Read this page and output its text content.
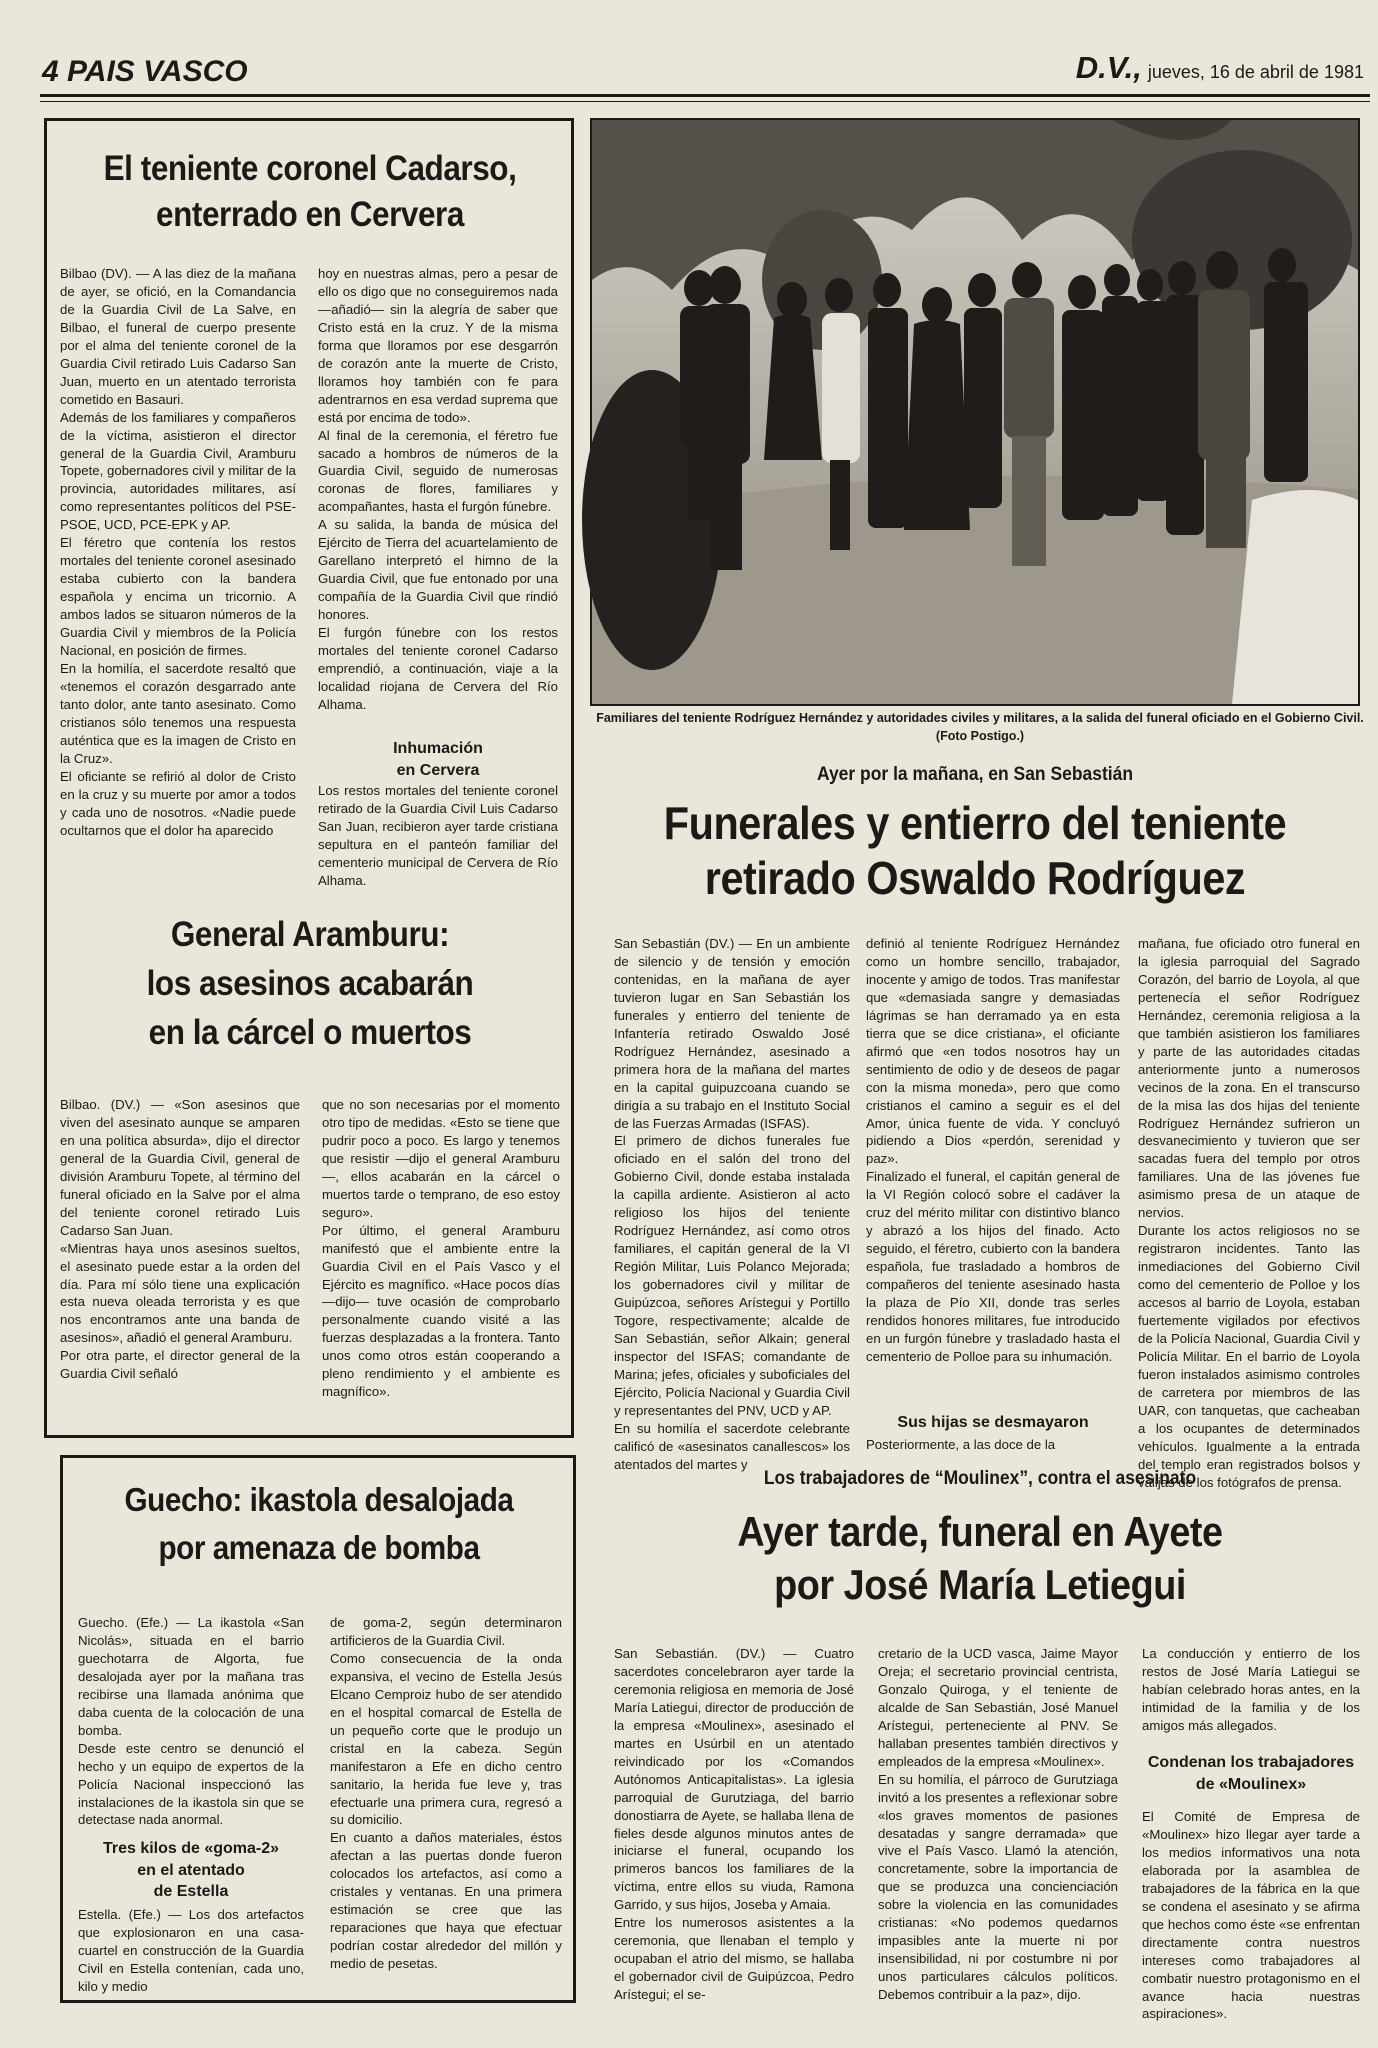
4 PAIS VASCO	D.V., jueves, 16 de abril de 1981
El teniente coronel Cadarso,
enterrado en Cervera

Bilbao (DV). — A las diez de la mañana de ayer, se ofició, en la Comandancia de la Guardia Civil de La Salve, en Bilbao, el funeral de cuerpo presente por el alma del teniente coronel de la Guardia Civil retirado Luis Cadarso San Juan, muerto en un atentado terrorista cometido en Basauri.
Además de los familiares y compañeros de la víctima, asistieron el director general de la Guardia Civil, Aramburu Topete, gobernadores civil y militar de la provincia, autoridades militares, así como representantes políticos del PSE-PSOE, UCD, PCE-EPK y AP.
El féretro que contenía los restos mortales del teniente coronel asesinado estaba cubierto con la bandera española y encima un tricornio. A ambos lados se situaron números de la Guardia Civil y miembros de la Policía Nacional, en posición de firmes.
En la homilía, el sacerdote resaltó que «tenemos el corazón desgarrado ante tanto dolor, ante tanto asesinato. Como cristianos sólo tenemos una respuesta auténtica que es la imagen de Cristo en la Cruz».
El oficiante se refirió al dolor de Cristo en la cruz y su muerte por amor a todos y cada uno de nosotros. «Nadie puede ocultarnos que el dolor ha aparecido

hoy en nuestras almas, pero a pesar de ello os digo que no conseguiremos nada —añadió— sin la alegría de saber que Cristo está en la cruz. Y de la misma forma que lloramos por ese desgarrón de corazón ante la muerte de Cristo, lloramos hoy también con fe para adentrarnos en esa verdad suprema que está por encima de todo».
Al final de la ceremonia, el féretro fue sacado a hombros de números de la Guardia Civil, seguido de numerosas coronas de flores, familiares y acompañantes, hasta el furgón fúnebre.
A su salida, la banda de música del Ejército de Tierra del acuartelamiento de Garellano interpretó el himno de la Guardia Civil, que fue entonado por una compañía de la Guardia Civil que rindió honores.
El furgón fúnebre con los restos mortales del teniente coronel Cadarso emprendió, a continuación, viaje a la localidad riojana de Cervera del Río Alhama.

Inhumación
en Cervera

Los restos mortales del teniente coronel retirado de la Guardia Civil Luis Cadarso San Juan, recibieron ayer tarde cristiana sepultura en el panteón familiar del cementerio municipal de Cervera de Río Alhama.

General Aramburu:
los asesinos acabarán
en la cárcel o muertos

Bilbao. (DV.) — «Son asesinos que viven del asesinato aunque se amparen en una política absurda», dijo el director general de la Guardia Civil, general de división Aramburu Topete, al término del funeral oficiado en la Salve por el alma del teniente coronel retirado Luis Cadarso San Juan.
«Mientras haya unos asesinos sueltos, el asesinato puede estar a la orden del día. Para mí sólo tiene una explicación esta nueva oleada terrorista y es que nos encontramos ante una banda de asesinos», añadió el general Aramburu.
Por otra parte, el director general de la Guardia Civil señaló

que no son necesarias por el momento otro tipo de medidas. «Esto se tiene que pudrir poco a poco. Es largo y tenemos que resistir —dijo el general Aramburu—, ellos acabarán en la cárcel o muertos tarde o temprano, de eso estoy seguro».
Por último, el general Aramburu manifestó que el ambiente entre la Guardia Civil en el País Vasco y el Ejército es magnífico. «Hace pocos días —dijo— tuve ocasión de comprobarlo personalmente cuando visité a las fuerzas desplazadas a la frontera. Tanto unos como otros están cooperando a pleno rendimiento y el ambiente es magnífico».

Guecho: ikastola desalojada
por amenaza de bomba

Guecho. (Efe.) — La ikastola «San Nicolás», situada en el barrio guechotarra de Algorta, fue desalojada ayer por la mañana tras recibirse una llamada anónima que daba cuenta de la colocación de una bomba.
Desde este centro se denunció el hecho y un equipo de expertos de la Policía Nacional inspeccionó las instalaciones de la ikastola sin que se detectase nada anormal.

Tres kilos de «goma-2»
en el atentado
de Estella

Estella. (Efe.) — Los dos artefactos que explosionaron en una casa-cuartel en construcción de la Guardia Civil en Estella contenían, cada uno, kilo y medio

de goma-2, según determinaron artificieros de la Guardia Civil.
Como consecuencia de la onda expansiva, el vecino de Estella Jesús Elcano Cemproiz hubo de ser atendido en el hospital comarcal de Estella de un pequeño corte que le produjo un cristal en la cabeza. Según manifestaron a Efe en dicho centro sanitario, la herida fue leve y, tras efectuarle una primera cura, regresó a su domicilio.
En cuanto a daños materiales, éstos afectan a las puertas donde fueron colocados los artefactos, así como a cristales y ventanas. En una primera estimación se cree que las reparaciones que haya que efectuar podrían costar alrededor del millón y medio de pesetas.

Familiares del teniente Rodríguez Hernández y autoridades civiles y militares, a la salida del funeral oficiado en el Gobierno Civil. (Foto Postigo.)
Ayer por la mañana, en San Sebastián
Funerales y entierro del teniente
retirado Oswaldo Rodríguez

San Sebastián (DV.) — En un ambiente de silencio y de tensión y emoción contenidas, en la mañana de ayer tuvieron lugar en San Sebastián los funerales y entierro del teniente de Infantería retirado Oswaldo José Rodríguez Hernández, asesinado a primera hora de la mañana del martes en la capital guipuzcoana cuando se dirigía a su trabajo en el Instituto Social de las Fuerzas Armadas (ISFAS).
El primero de dichos funerales fue oficiado en el salón del trono del Gobierno Civil, donde estaba instalada la capilla ardiente. Asistieron al acto religioso los hijos del teniente Rodríguez Hernández, así como otros familiares, el capitán general de la VI Región Militar, Luis Polanco Mejorada; los gobernadores civil y militar de Guipúzcoa, señores Arístegui y Portillo Togore, respectivamente; alcalde de San Sebastián, señor Alkain; general inspector del ISFAS; comandante de Marina; jefes, oficiales y suboficiales del Ejército, Policía Nacional y Guardia Civil y representantes del PNV, UCD y AP.
En su homilía el sacerdote celebrante calificó de «asesinatos canallescos» los atentados del martes y

definió al teniente Rodríguez Hernández como un hombre sencillo, trabajador, inocente y amigo de todos. Tras manifestar que «demasiada sangre y demasiadas lágrimas se han derramado ya en esta tierra que se dice cristiana», el oficiante afirmó que «en todos nosotros hay un sentimiento de odio y de deseos de pagar con la misma moneda», pero que como cristianos el camino a seguir es el del Amor, única fuente de vida. Y concluyó pidiendo a Dios «perdón, serenidad y paz».
Finalizado el funeral, el capitán general de la VI Región colocó sobre el cadáver la cruz del mérito militar con distintivo blanco y abrazó a los hijos del finado. Acto seguido, el féretro, cubierto con la bandera española, fue trasladado a hombros de compañeros del teniente asesinado hasta la plaza de Pío XII, donde tras serles rendidos honores militares, fue introducido en un furgón fúnebre y trasladado hasta el cementerio de Polloe para su inhumación.

Sus hijas se desmayaron

Posteriormente, a las doce de la

mañana, fue oficiado otro funeral en la iglesia parroquial del Sagrado Corazón, del barrio de Loyola, al que pertenecía el señor Rodríguez Hernández, ceremonia religiosa a la que también asistieron los familiares y parte de las autoridades citadas anteriormente junto a numerosos vecinos de la zona. En el transcurso de la misa las dos hijas del teniente Rodríguez Hernández sufrieron un desvanecimiento y tuvieron que ser sacadas fuera del templo por otros familiares. Una de las jóvenes fue asimismo presa de un ataque de nervios.
Durante los actos religiosos no se registraron incidentes. Tanto las inmediaciones del Gobierno Civil como del cementerio de Polloe y los accesos al barrio de Loyola, estaban fuertemente vigilados por efectivos de la Policía Nacional, Guardia Civil y Policía Militar. En el barrio de Loyola fueron instalados asimismo controles de carretera por miembros de las UAR, con tanquetas, que cacheaban a los ocupantes de determinados vehículos. Igualmente a la entrada del templo eran registrados bolsos y valijas de los fotógrafos de prensa.

Los trabajadores de “Moulinex”, contra el asesinato
Ayer tarde, funeral en Ayete
por José María Letiegui

San Sebastián. (DV.) — Cuatro sacerdotes concelebraron ayer tarde la ceremonia religiosa en memoria de José María Latiegui, director de producción de la empresa «Moulinex», asesinado el martes en Usúrbil en un atentado reivindicado por los «Comandos Autónomos Anticapitalistas». La iglesia parroquial de Gurutziaga, del barrio donostiarra de Ayete, se hallaba llena de fieles desde algunos minutos antes de iniciarse el funeral, ocupando los primeros bancos los familiares de la víctima, entre ellos su viuda, Ramona Garrido, y sus hijos, Joseba y Amaia.
Entre los numerosos asistentes a la ceremonia, que llenaban el templo y ocupaban el atrio del mismo, se hallaba el gobernador civil de Guipúzcoa, Pedro Arístegui; el se-

cretario de la UCD vasca, Jaime Mayor Oreja; el secretario provincial centrista, Gonzalo Quiroga, y el teniente de alcalde de San Sebastián, José Manuel Arístegui, perteneciente al PNV. Se hallaban presentes también directivos y empleados de la empresa «Moulinex».
En su homilía, el párroco de Gurutziaga invitó a los presentes a reflexionar sobre «los graves momentos de pasiones desatadas y sangre derramada» que vive el País Vasco. Llamó la atención, concretamente, sobre la importancia de que se produzca una concienciación sobre la violencia en las comunidades cristianas: «No podemos quedarnos impasibles ante la muerte ni por insensibilidad, ni por costumbre ni por unos particulares cálculos políticos. Debemos contribuir a la paz», dijo.

La conducción y entierro de los restos de José María Latiegui se habían celebrado horas antes, en la intimidad de la familia y de los amigos más allegados.

Condenan los trabajadores
de «Moulinex»

El Comité de Empresa de «Moulinex» hizo llegar ayer tarde a los medios informativos una nota elaborada por la asamblea de trabajadores de la fábrica en la que se condena el asesinato y se afirma que hechos como éste «se enfrentan directamente contra nuestros intereses como trabajadores al combatir nuestro protagonismo en el avance hacia nuestras aspiraciones».
